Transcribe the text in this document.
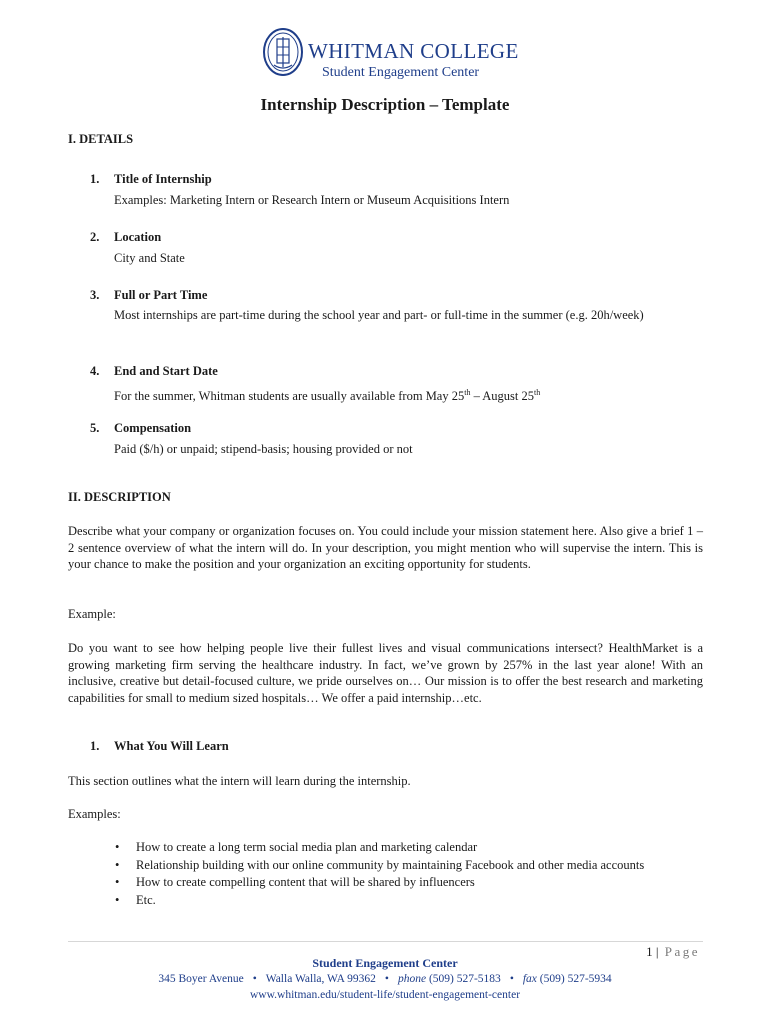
WHITMAN COLLEGE
Student Engagement Center
Internship Description – Template
I. DETAILS
1. Title of Internship
Examples: Marketing Intern or Research Intern or Museum Acquisitions Intern
2. Location
City and State
3. Full or Part Time
Most internships are part-time during the school year and part- or full-time in the summer (e.g. 20h/week)
4. End and Start Date
For the summer, Whitman students are usually available from May 25th – August 25th
5. Compensation
Paid ($/h) or unpaid; stipend-basis; housing provided or not
II. DESCRIPTION
Describe what your company or organization focuses on. You could include your mission statement here. Also give a brief 1 – 2 sentence overview of what the intern will do. In your description, you might mention who will supervise the intern. This is your chance to make the position and your organization an exciting opportunity for students.
Example:
Do you want to see how helping people live their fullest lives and visual communications intersect? HealthMarket is a growing marketing firm serving the healthcare industry. In fact, we’ve grown by 257% in the last year alone! With an inclusive, creative but detail-focused culture, we pride ourselves on… Our mission is to offer the best research and marketing capabilities for small to medium sized hospitals… We offer a paid internship…etc.
1. What You Will Learn
This section outlines what the intern will learn during the internship.
Examples:
• How to create a long term social media plan and marketing calendar
• Relationship building with our online community by maintaining Facebook and other media accounts
• How to create compelling content that will be shared by influencers
• Etc.
1 | Page
Student Engagement Center
345 Boyer Avenue • Walla Walla, WA 99362 • phone (509) 527-5183 • fax (509) 527-5934
www.whitman.edu/student-life/student-engagement-center
